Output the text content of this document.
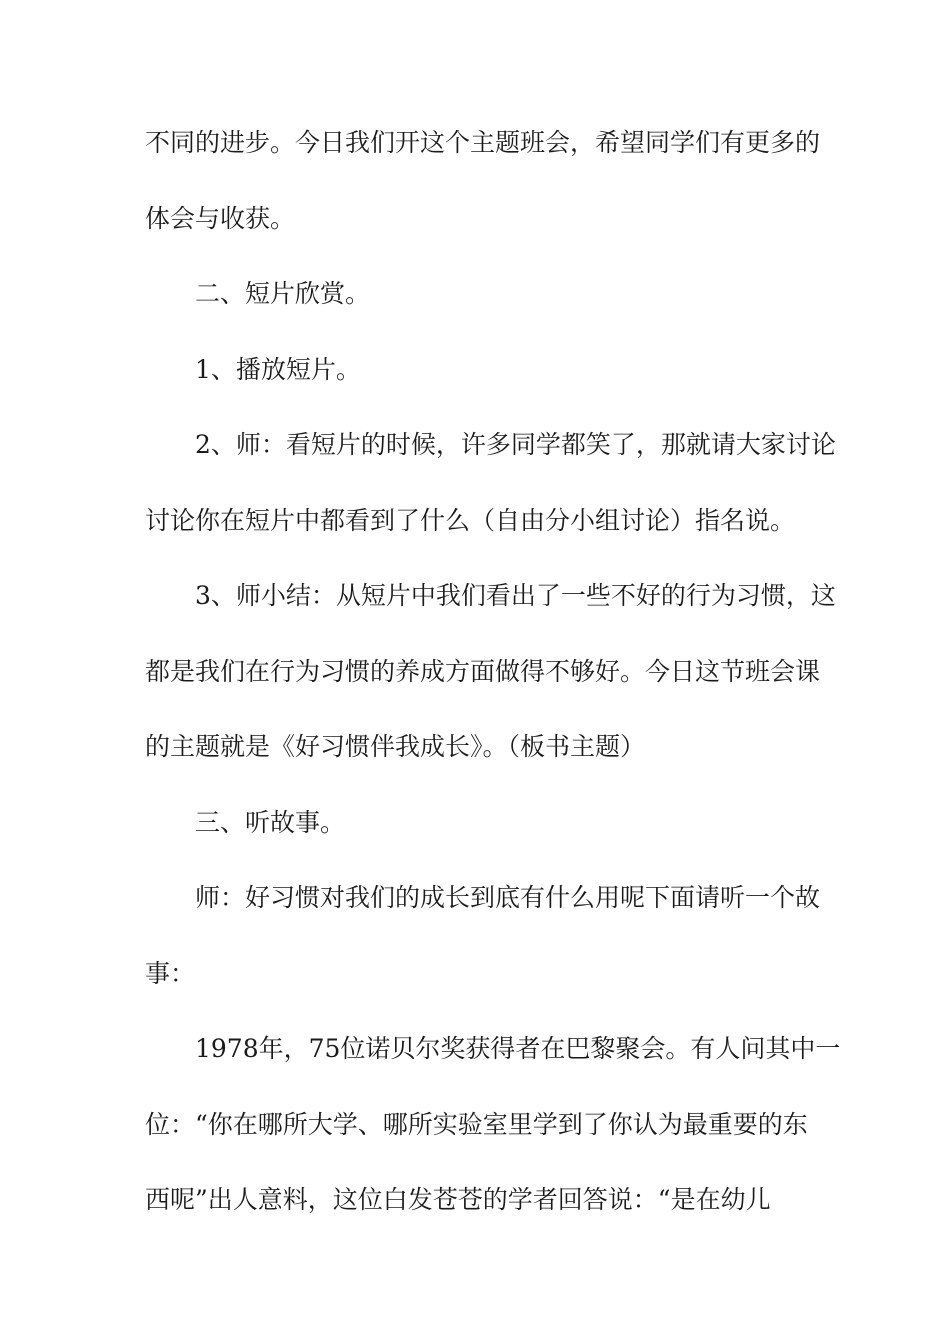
不同的进步。今日我们开这个主题班会，希望同学们有更多的
体会与收获。
二、短片欣赏。
1、播放短片。
2、师：看短片的时候，许多同学都笑了，那就请大家讨论
讨论你在短片中都看到了什么（自由分小组讨论）指名说。
3、师小结：从短片中我们看出了一些不好的行为习惯，这
都是我们在行为习惯的养成方面做得不够好。今日这节班会课
的主题就是《好习惯伴我成长》。（板书主题）
三、听故事。
师：好习惯对我们的成长到底有什么用呢下面请听一个故
事：
1978年，75位诺贝尔奖获得者在巴黎聚会。有人问其中一
位：“你在哪所大学、哪所实验室里学到了你认为最重要的东
西呢”出人意料，这位白发苍苍的学者回答说：“是在幼儿
